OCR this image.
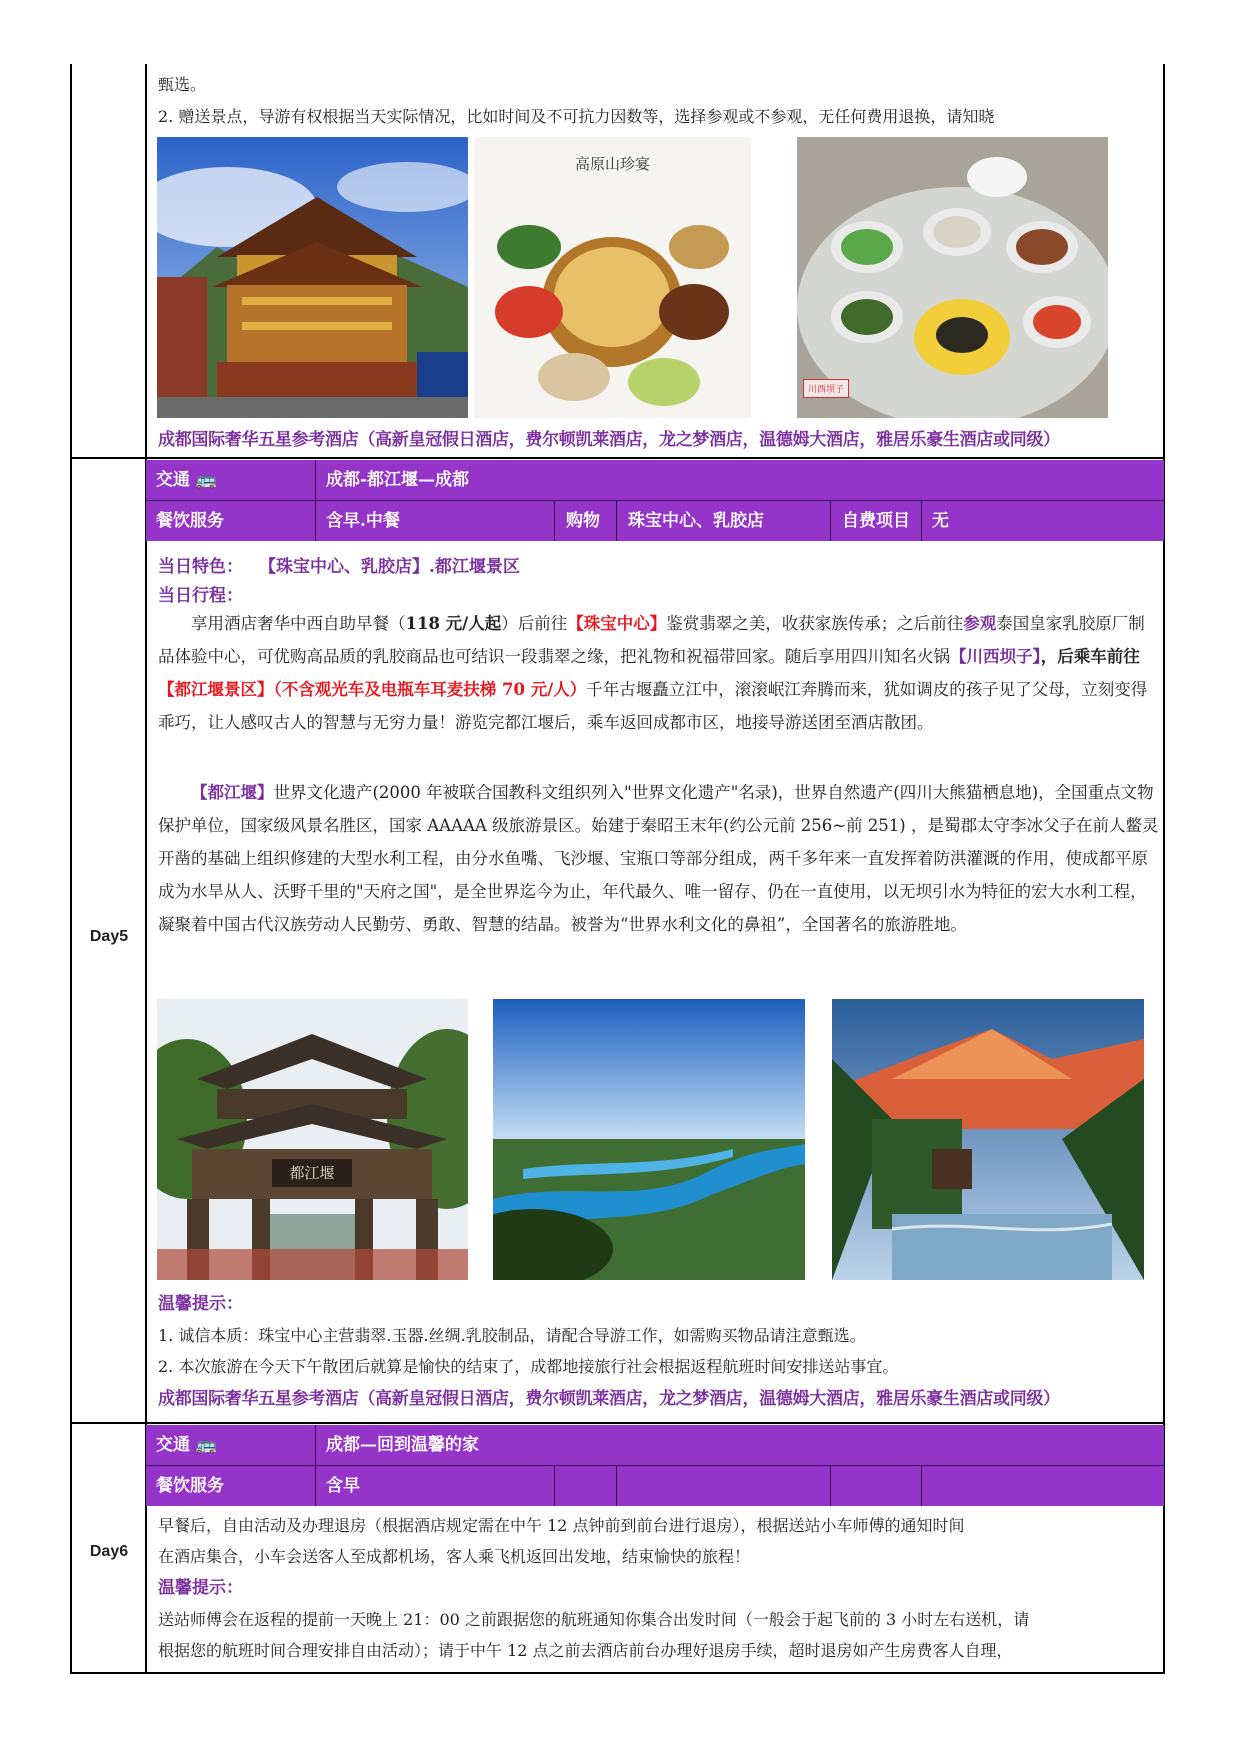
甄选。
2. 赠送景点，导游有权根据当天实际情况，比如时间及不可抗力因数等，选择参观或不参观，无任何费用退换，请知晓
高原山珍宴
川西坝子
成都国际奢华五星参考酒店（高新皇冠假日酒店，费尔顿凯莱酒店，龙之梦酒店，温德姆大酒店，雅居乐豪生酒店或同级）
Day5
交通 🚌	成都-都江堰—成都
餐饮服务	含早.中餐	购物 珠宝中心、乳胶店	自费项目 无
当日特色： 【珠宝中心、乳胶店】.都江堰景区
当日行程：
享用酒店奢华中西自助早餐（118 元/人起）后前往【珠宝中心】鉴赏翡翠之美，收获家族传承；之后前往参观泰国皇家乳胶原厂制品体验中心，可优购高品质的乳胶商品也可结识一段翡翠之缘，把礼物和祝福带回家。随后享用四川知名火锅【川西坝子】，后乘车前往【都江堰景区】（不含观光车及电瓶车耳麦扶梯 70 元/人）千年古堰矗立江中，滚滚岷江奔腾而来，犹如调皮的孩子见了父母，立刻变得乖巧，让人感叹古人的智慧与无穷力量！游览完都江堰后，乘车返回成都市区，地接导游送团至酒店散团。
【都江堰】世界文化遗产(2000 年被联合国教科文组织列入"世界文化遗产"名录)，世界自然遗产(四川大熊猫栖息地)，全国重点文物保护单位，国家级风景名胜区，国家 AAAAA 级旅游景区。始建于秦昭王末年(约公元前 256~前 251) ，是蜀郡太守李冰父子在前人鳖灵开凿的基础上组织修建的大型水利工程，由分水鱼嘴、飞沙堰、宝瓶口等部分组成，两千多年来一直发挥着防洪灌溉的作用，使成都平原成为水旱从人、沃野千里的"天府之国"，是全世界迄今为止，年代最久、唯一留存、仍在一直使用，以无坝引水为特征的宏大水利工程，凝聚着中国古代汉族劳动人民勤劳、勇敢、智慧的结晶。被誉为“世界水利文化的鼻祖”，全国著名的旅游胜地。
都江堰
温馨提示：
1. 诚信本质：珠宝中心主营翡翠.玉器.丝绸.乳胶制品，请配合导游工作，如需购买物品请注意甄选。
2. 本次旅游在今天下午散团后就算是愉快的结束了，成都地接旅行社会根据返程航班时间安排送站事宜。
成都国际奢华五星参考酒店（高新皇冠假日酒店，费尔顿凯莱酒店，龙之梦酒店，温德姆大酒店，雅居乐豪生酒店或同级）
Day6
交通 🚌	成都—回到温馨的家
餐饮服务	含早
早餐后，自由活动及办理退房（根据酒店规定需在中午 12 点钟前到前台进行退房），根据送站小车师傅的通知时间
在酒店集合，小车会送客人至成都机场，客人乘飞机返回出发地，结束愉快的旅程！
温馨提示：
送站师傅会在返程的提前一天晚上 21：00 之前跟据您的航班通知你集合出发时间（一般会于起飞前的 3 小时左右送机，请
根据您的航班时间合理安排自由活动）；请于中午 12 点之前去酒店前台办理好退房手续，超时退房如产生房费客人自理，
